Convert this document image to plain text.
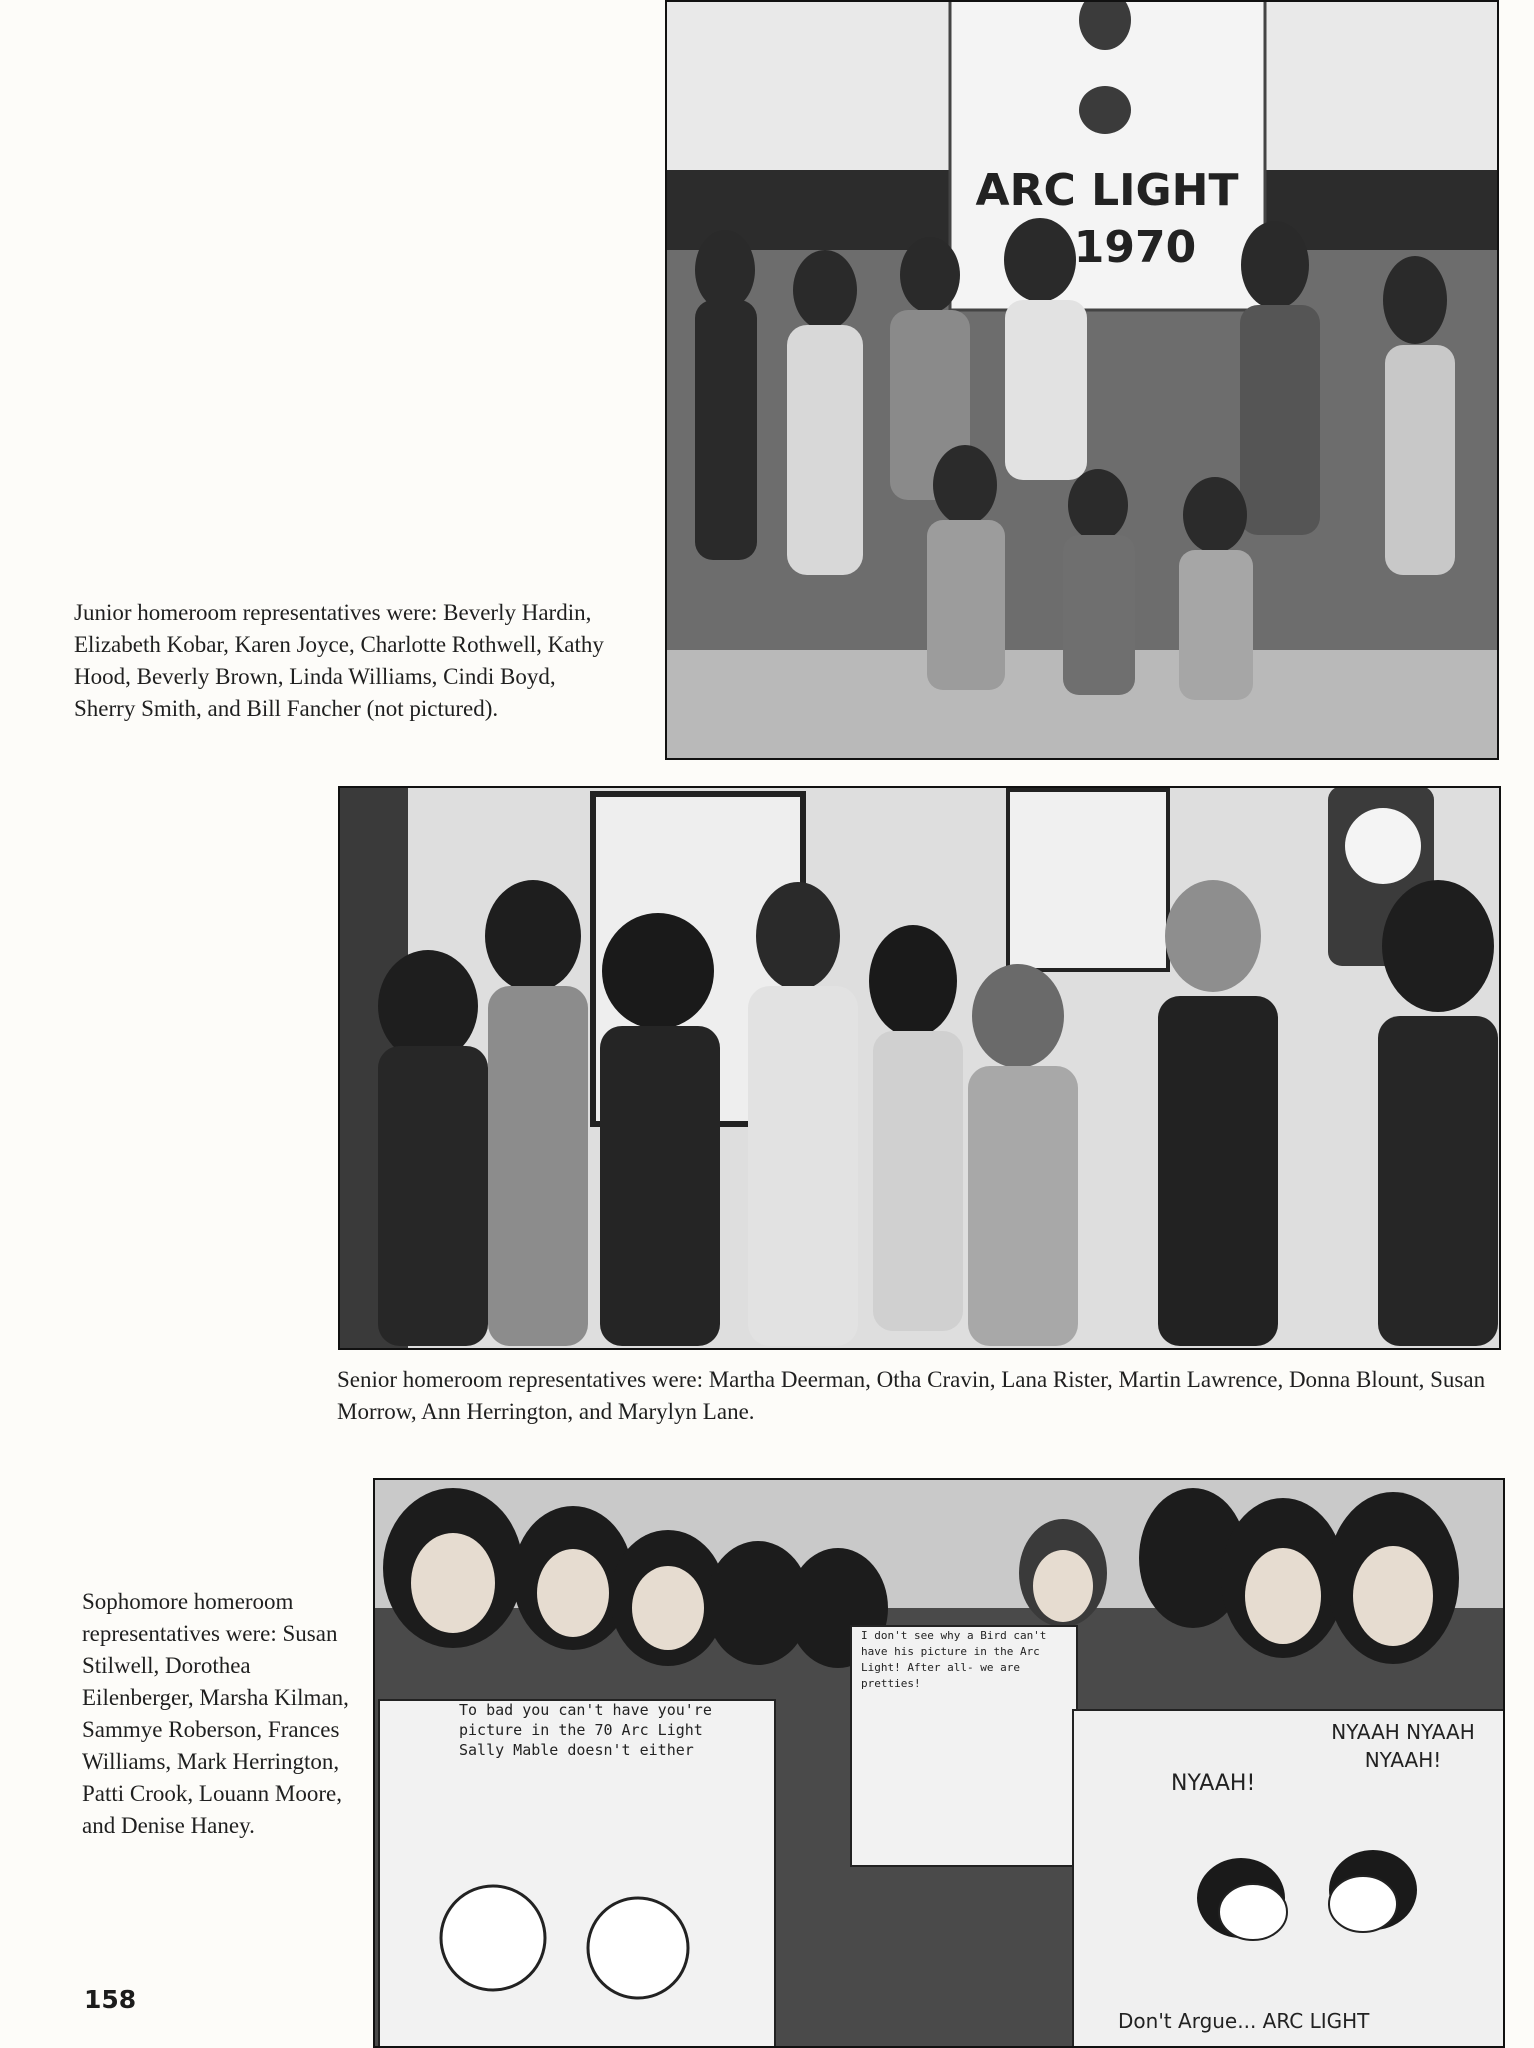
ARC LIGHT
1970

Junior homeroom representatives were: Beverly Hardin, Elizabeth Kobar, Karen Joyce, Charlotte Rothwell, Kathy Hood, Beverly Brown, Linda Williams, Cindi Boyd, Sherry Smith, and Bill Fancher (not pictured).

Senior homeroom representatives were: Martha Deerman, Otha Cravin, Lana Rister, Martin Lawrence, Donna Blount, Susan Morrow, Ann Herrington, and Marylyn Lane.

To bad you can't have you're picture in the 70 Arc Light Sally Mable doesn't either
I don't see why a Bird can't have his picture in the Arc Light! After all- we are pretties!
NYAAH!
NYAAH NYAAH NYAAH!
Don't Argue... ARC LIGHT

Sophomore homeroom representatives were: Susan Stilwell, Dorothea Eilenberger, Marsha Kilman, Sammye Roberson, Frances Williams, Mark Herrington, Patti Crook, Louann Moore, and Denise Haney.

158
